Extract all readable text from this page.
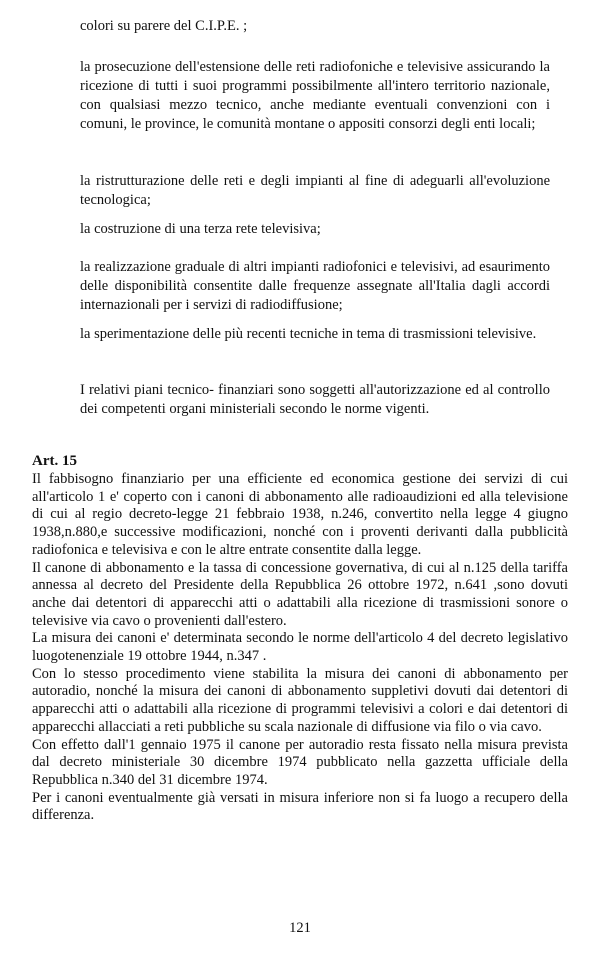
colori su parere del C.I.P.E. ;

la prosecuzione dell'estensione delle reti radiofoniche e televisive assicurando la ricezione di tutti i suoi programmi possibilmente all'intero territorio nazionale, con qualsiasi mezzo tecnico, anche mediante eventuali convenzioni con i comuni, le province, le comunità montane o appositi consorzi degli enti locali;

la ristrutturazione delle reti e degli impianti al fine di adeguarli all'evoluzione tecnologica;

la costruzione di una terza rete televisiva;

la realizzazione graduale di altri impianti radiofonici e televisivi, ad esaurimento delle disponibilità consentite dalle frequenze assegnate all'Italia dagli accordi internazionali per i servizi di radiodiffusione;

la sperimentazione delle più recenti tecniche in tema di trasmissioni televisive.

I relativi piani tecnico- finanziari sono soggetti all'autorizzazione ed al controllo dei competenti organi ministeriali secondo le norme vigenti.

Art. 15

Il fabbisogno finanziario per una efficiente ed economica gestione dei servizi di cui all'articolo 1 e' coperto con i canoni di abbonamento alle radioaudizioni ed alla televisione di cui al regio decreto-legge 21 febbraio 1938, n.246, convertito nella legge 4 giugno 1938,n.880,e successive modificazioni, nonché con i proventi derivanti dalla pubblicità radiofonica e televisiva e con le altre entrate consentite dalla legge.

Il canone di abbonamento e la tassa di concessione governativa, di cui al n.125 della tariffa annessa al decreto del Presidente della Repubblica 26 ottobre 1972, n.641 ,sono dovuti anche dai detentori di apparecchi atti o adattabili alla ricezione di trasmissioni sonore o televisive via cavo o provenienti dall'estero.

La misura dei canoni e' determinata secondo le norme dell'articolo 4 del decreto legislativo luogotenenziale 19 ottobre 1944, n.347 .

Con lo stesso procedimento viene stabilita la misura dei canoni di abbonamento per autoradio, nonché la misura dei canoni di abbonamento suppletivi dovuti dai detentori di apparecchi atti o adattabili alla ricezione di programmi televisivi a colori e dai detentori di apparecchi allacciati a reti pubbliche su scala nazionale di diffusione via filo o via cavo.

Con effetto dall'1 gennaio 1975 il canone per autoradio resta fissato nella misura prevista dal decreto ministeriale 30 dicembre 1974 pubblicato nella gazzetta ufficiale della Repubblica n.340 del 31 dicembre 1974.

Per i canoni eventualmente già versati in misura inferiore non si fa luogo a recupero della differenza.

121
